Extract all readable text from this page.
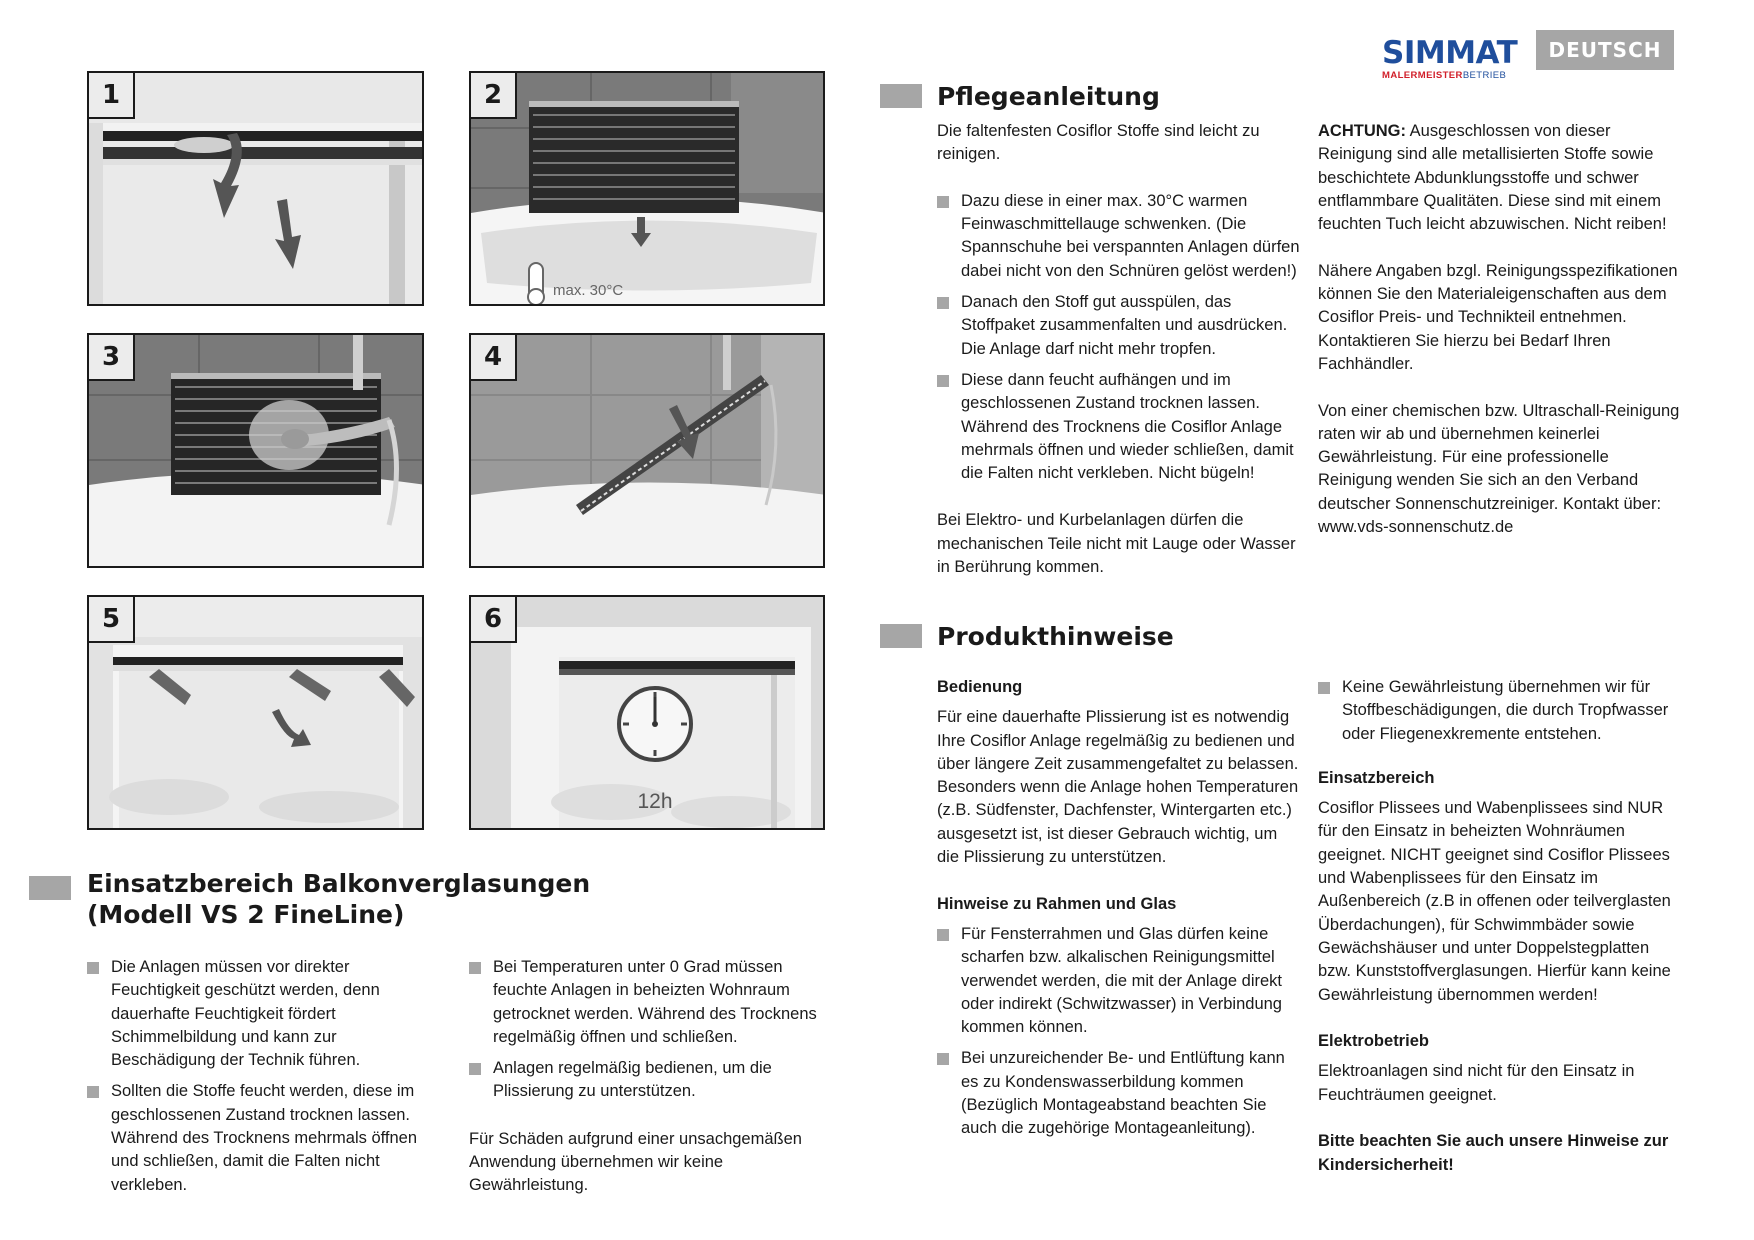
SIMMAT
MALERMEISTERBETRIEB
DEUTSCH
1
max. 30°C
2
3	4
5
12h
6
Einsatzbereich Balkonverglasungen
(Modell VS 2 FineLine)
Die Anlagen müssen vor direkter Feuchtigkeit geschützt werden, denn dauerhafte Feuchtigkeit fördert Schimmelbildung und kann zur Beschädigung der Technik führen.
Sollten die Stoffe feucht werden, diese im geschlossenen Zustand trocknen lassen. Während des Trocknens mehrmals öffnen und schließen, damit die Falten nicht verkleben.
Bei Temperaturen unter 0 Grad müssen feuchte Anlagen in beheizten Wohnraum getrocknet werden. Während des Trocknens regelmäßig öffnen und schließen.
Anlagen regelmäßig bedienen, um die Plissierung zu unterstützen.

Für Schäden aufgrund einer unsachgemäßen Anwendung übernehmen wir keine Gewährleistung.

Pflegeanleitung

Die faltenfesten Cosiflor Stoffe sind leicht zu reinigen.

Dazu diese in einer max. 30°C warmen Feinwaschmittellauge schwenken. (Die Spannschuhe bei verspannten Anlagen dürfen dabei nicht von den Schnüren gelöst werden!)
Danach den Stoff gut ausspülen, das Stoffpaket zusammenfalten und ausdrücken. Die Anlage darf nicht mehr tropfen.
Diese dann feucht aufhängen und im geschlossenen Zustand trocknen lassen. Während des Trocknens die Cosiflor Anlage mehrmals öffnen und wieder schließen, damit die Falten nicht verkleben. Nicht bügeln!

Bei Elektro- und Kurbelanlagen dürfen die mechanischen Teile nicht mit Lauge oder Wasser in Berührung kommen.

ACHTUNG: Ausgeschlossen von dieser Reinigung sind alle metallisierten Stoffe sowie beschichtete Abdunklungsstoffe und schwer entflammbare Qualitäten. Diese sind mit einem feuchten Tuch leicht abzuwischen. Nicht reiben!

Nähere Angaben bzgl. Reinigungsspezifikationen können Sie den Materialeigenschaften aus dem Cosiflor Preis- und Technikteil entnehmen. Kontaktieren Sie hierzu bei Bedarf Ihren Fachhändler.

Von einer chemischen bzw. Ultraschall-Reinigung raten wir ab und übernehmen keinerlei Gewährleistung. Für eine professionelle Reinigung wenden Sie sich an den Verband deutscher Sonnenschutzreiniger. Kontakt über: www.vds-sonnenschutz.de

Produkthinweise

Bedienung

Für eine dauerhafte Plissierung ist es notwendig Ihre Cosiflor Anlage regelmäßig zu bedienen und über längere Zeit zusammengefaltet zu belassen. Besonders wenn die Anlage hohen Temperaturen (z.B. Südfenster, Dachfenster, Wintergarten etc.) ausgesetzt ist, ist dieser Gebrauch wichtig, um die Plissierung zu unterstützen.

Hinweise zu Rahmen und Glas

Für Fensterrahmen und Glas dürfen keine scharfen bzw. alkalischen Reinigungsmittel verwendet werden, die mit der Anlage direkt oder indirekt (Schwitzwasser) in Verbindung kommen können.
Bei unzureichender Be- und Entlüftung kann es zu Kondenswasserbildung kommen (Bezüglich Montageabstand beachten Sie auch die zugehörige Montageanleitung).
Keine Gewährleistung übernehmen wir für Stoffbeschädigungen, die durch Tropfwasser oder Fliegenexkremente entstehen.

Einsatzbereich

Cosiflor Plissees und Wabenplissees sind NUR für den Einsatz in beheizten Wohnräumen geeignet. NICHT geeignet sind Cosiflor Plissees und Wabenplissees für den Einsatz im Außenbereich (z.B in offenen oder teilverglasten Überdachungen), für Schwimmbäder sowie Gewächshäuser und unter Doppelstegplatten bzw. Kunststoffverglasungen. Hierfür kann keine Gewährleistung übernommen werden!

Elektrobetrieb

Elektroanlagen sind nicht für den Einsatz in Feuchträumen geeignet.

Bitte beachten Sie auch unsere Hinweise zur Kindersicherheit!
